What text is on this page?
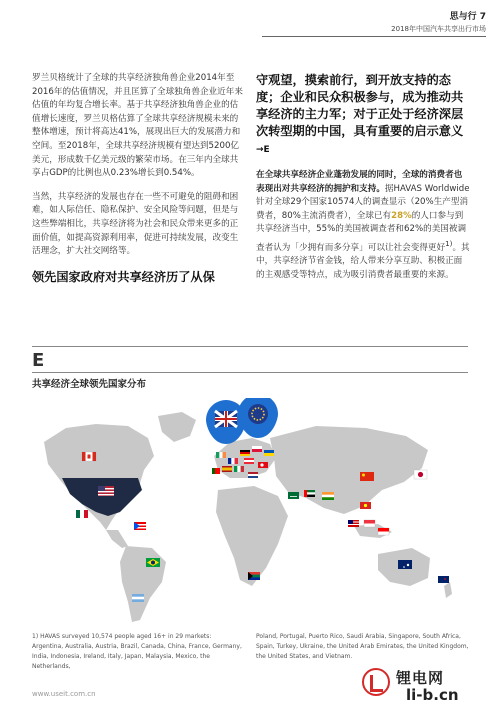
思与行 7
2018年中国汽车共享出行市场

罗兰贝格统计了全球的共享经济独角兽企业2014年至2016年的估值情况，并且匡算了全球独角兽企业近年来估值的年均复合增长率。基于共享经济独角兽企业的估值增长速度，罗兰贝格估算了全球共享经济规模未来的整体增速，预计将高达41%，展现出巨大的发展潜力和空间。至2018年，全球共享经济规模有望达到5200亿美元，形成数千亿美元级的繁荣市场。在三年内全球共享占GDP的比例也从0.23%增长到0.54%。

当然，共享经济的发展也存在一些不可避免的阻碍和困难，如人际信任、隐私保护、安全风险等问题，但是与这些弊端相比，共享经济将为社会和民众带来更多的正面价值，如提高资源利用率，促进可持续发展，改变生活理念，扩大社交网络等。

领先国家政府对共享经济历了从保
守观望，摸索前行，到开放支持的态度；企业和民众积极参与，成为推动共享经济的主力军；对于正处于经济深层次转型期的中国，具有重要的启示意义 →E

在全球共享经济企业蓬勃发展的同时，全球的消费者也表现出对共享经济的拥护和支持。据HAVAS Worldwide针对全球29个国家10574人的调查显示（20%生产型消费者，80%主流消费者），全球已有28%的人口参与到共享经济当中，55%的美国被调查者和62%的美国被调查者认为「少拥有而多分享」可以让社会变得更好$^{1)}$。其中，共享经济节省金钱，给人带来分享互助、积极正面的主观感受等特点，成为吸引消费者最重要的来源。

E
共享经济全球领先国家分布
1) HAVAS surveyed 10,574 people aged 16+ in 29 markets: Argentina, Australia, Austria, Brazil, Canada, China, France, Germany, India, Indonesia, Ireland, Italy, Japan, Malaysia, Mexico, the Netherlands,
Poland, Portugal, Puerto Rico, Saudi Arabia, Singapore, South Africa, Spain, Turkey, Ukraine, the United Arab Emirates, the United Kingdom, the United States, and Vietnam.
www.useit.com.cn
锂电网
li-b.cn
